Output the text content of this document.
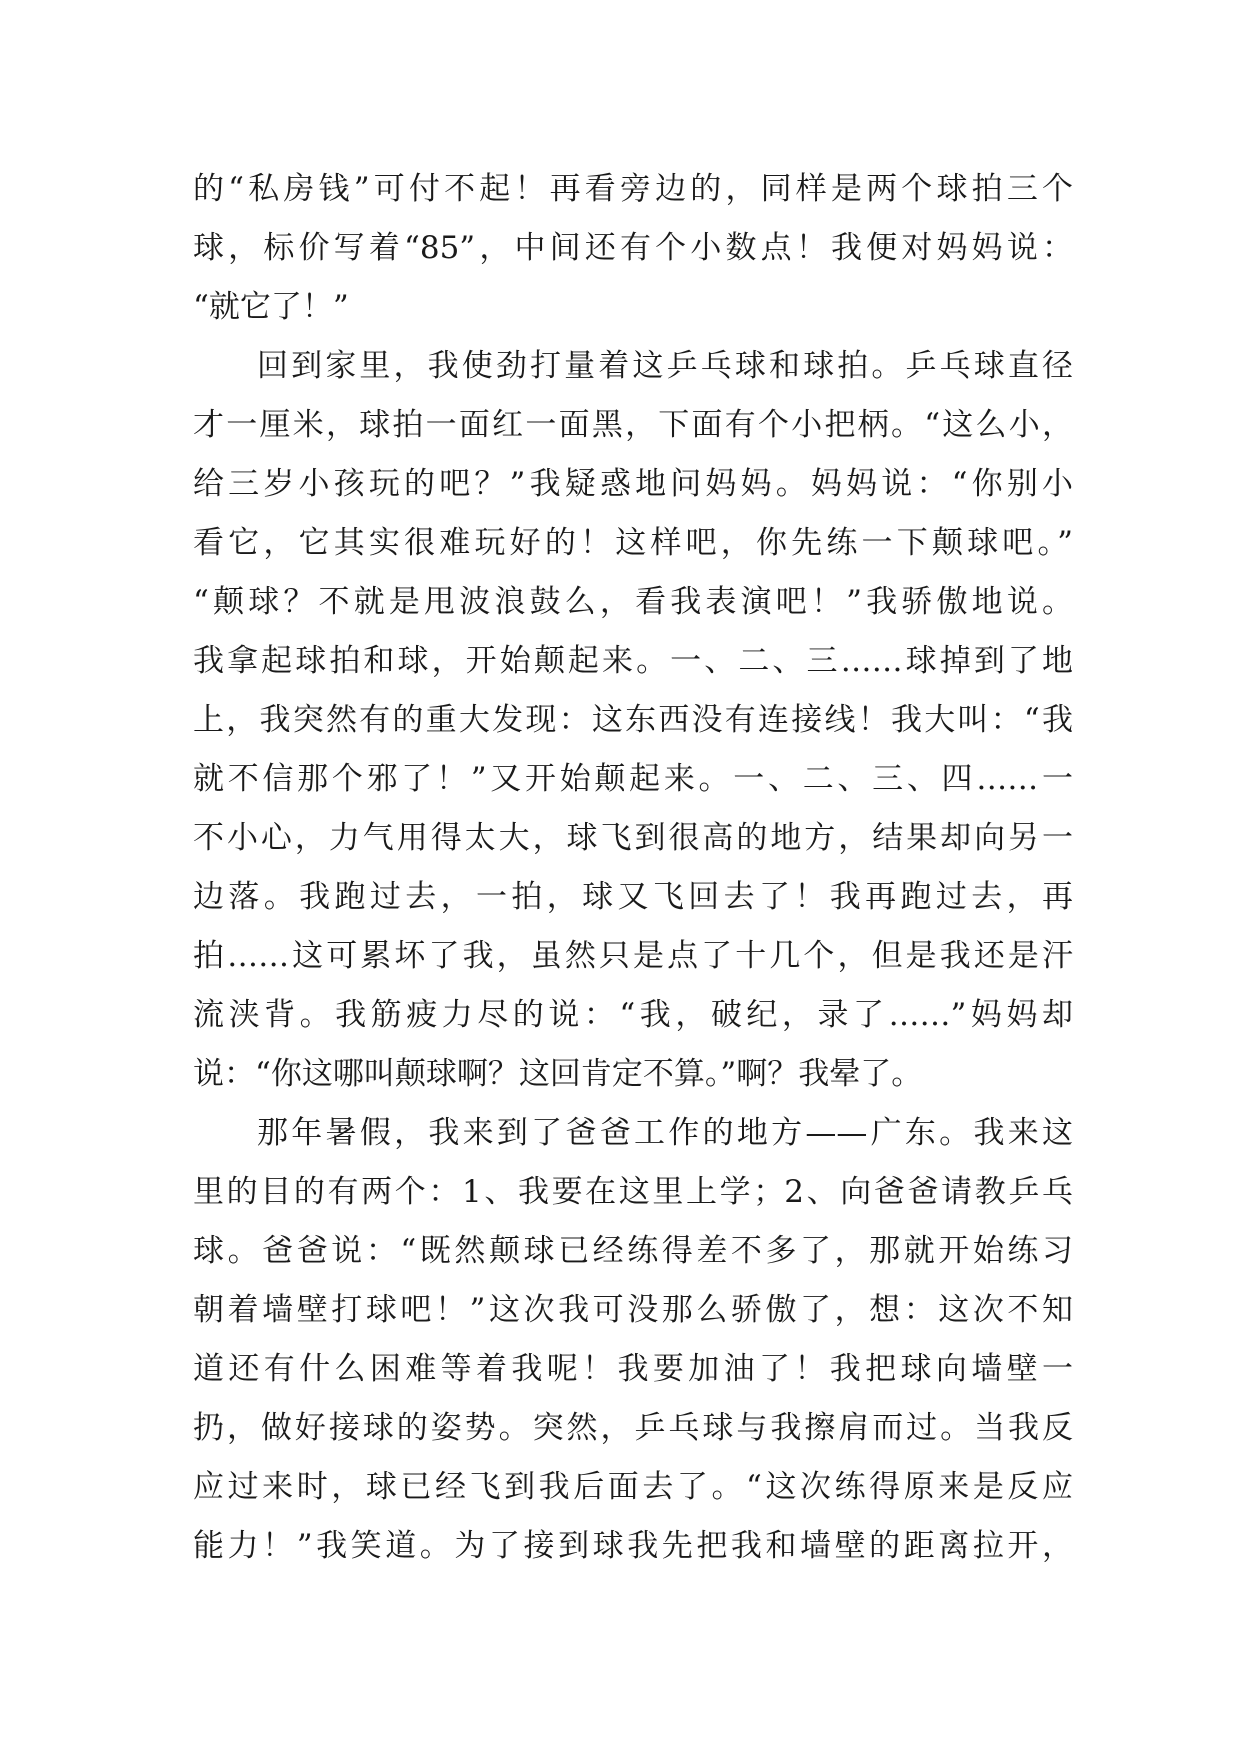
的“私房钱”可付不起！再看旁边的，同样是两个球拍三个
球，标价写着“85”，中间还有个小数点！我便对妈妈说：
“就它了！”
回到家里，我使劲打量着这乒乓球和球拍。乒乓球直径
才一厘米，球拍一面红一面黑，下面有个小把柄。“这么小，
给三岁小孩玩的吧？”我疑惑地问妈妈。妈妈说：“你别小
看它，它其实很难玩好的！这样吧，你先练一下颠球吧。”
“颠球？不就是甩波浪鼓么，看我表演吧！”我骄傲地说。
我拿起球拍和球，开始颠起来。一、二、三……球掉到了地
上，我突然有的重大发现：这东西没有连接线！我大叫：“我
就不信那个邪了！”又开始颠起来。一、二、三、四……一
不小心，力气用得太大，球飞到很高的地方，结果却向另一
边落。我跑过去，一拍，球又飞回去了！我再跑过去，再
拍……这可累坏了我，虽然只是点了十几个，但是我还是汗
流浃背。我筋疲力尽的说：“我，破纪，录了……”妈妈却
说：“你这哪叫颠球啊？这回肯定不算。”啊？我晕了。
那年暑假，我来到了爸爸工作的地方——广东。我来这
里的目的有两个：1、我要在这里上学；2、向爸爸请教乒乓
球。爸爸说：“既然颠球已经练得差不多了，那就开始练习
朝着墙壁打球吧！”这次我可没那么骄傲了，想：这次不知
道还有什么困难等着我呢！我要加油了！我把球向墙壁一
扔，做好接球的姿势。突然，乒乓球与我擦肩而过。当我反
应过来时，球已经飞到我后面去了。“这次练得原来是反应
能力！”我笑道。为了接到球我先把我和墙壁的距离拉开，
